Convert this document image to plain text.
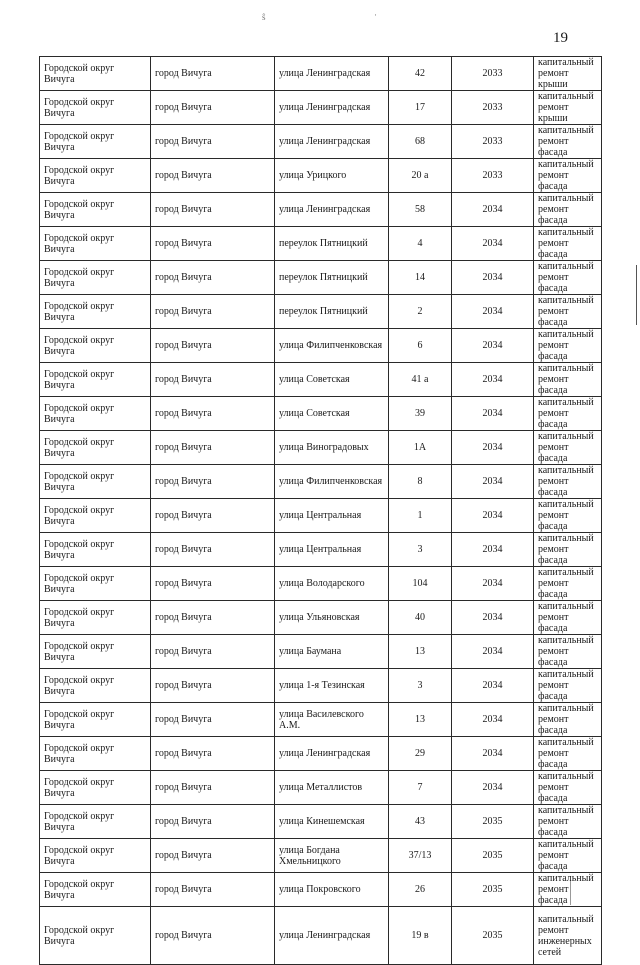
ŝ	·
19
Городской округ Вичуга	город Вичуга	улица Ленинградская	42	2033	капитальный ремонт крыши
Городской округ Вичуга	город Вичуга	улица Ленинградская	17	2033	капитальный ремонт крыши
Городской округ Вичуга	город Вичуга	улица Ленинградская	68	2033	капитальный ремонт фасада
Городской округ Вичуга	город Вичуга	улица Урицкого	20 а	2033	капитальный ремонт фасада
Городской округ Вичуга	город Вичуга	улица Ленинградская	58	2034	капитальный ремонт фасада
Городской округ Вичуга	город Вичуга	переулок Пятницкий	4	2034	капитальный ремонт фасада
Городской округ Вичуга	город Вичуга	переулок Пятницкий	14	2034	капитальный ремонт фасада
Городской округ Вичуга	город Вичуга	переулок Пятницкий	2	2034	капитальный ремонт фасада
Городской округ Вичуга	город Вичуга	улица Филипченковская	6	2034	капитальный ремонт фасада
Городской округ Вичуга	город Вичуга	улица Советская	41 а	2034	капитальный ремонт фасада
Городской округ Вичуга	город Вичуга	улица Советская	39	2034	капитальный ремонт фасада
Городской округ Вичуга	город Вичуга	улица Виноградовых	1А	2034	капитальный ремонт фасада
Городской округ Вичуга	город Вичуга	улица Филипченковская	8	2034	капитальный ремонт фасада
Городской округ Вичуга	город Вичуга	улица Центральная	1	2034	капитальный ремонт фасада
Городской округ Вичуга	город Вичуга	улица Центральная	3	2034	капитальный ремонт фасада
Городской округ Вичуга	город Вичуга	улица Володарского	104	2034	капитальный ремонт фасада
Городской округ Вичуга	город Вичуга	улица Ульяновская	40	2034	капитальный ремонт фасада
Городской округ Вичуга	город Вичуга	улица Баумана	13	2034	капитальный ремонт фасада
Городской округ Вичуга	город Вичуга	улица 1-я Тезинская	3	2034	капитальный ремонт фасада
Городской округ Вичуга	город Вичуга	улица Василевского А.М.	13	2034	капитальный ремонт фасада
Городской округ Вичуга	город Вичуга	улица Ленинградская	29	2034	капитальный ремонт фасада
Городской округ Вичуга	город Вичуга	улица Металлистов	7	2034	капитальный ремонт фасада
Городской округ Вичуга	город Вичуга	улица Кинешемская	43	2035	капитальный ремонт фасада
Городской округ Вичуга	город Вичуга	улица Богдана Хмельницкого	37/13	2035	капитальный ремонт фасада
Городской округ Вичуга	город Вичуга	улица Покровского	26	2035	капитальный ремонт фасада
Городской округ Вичуга	город Вичуга	улица Ленинградская	19 в	2035	капитальный ремонт инженерных сетей
